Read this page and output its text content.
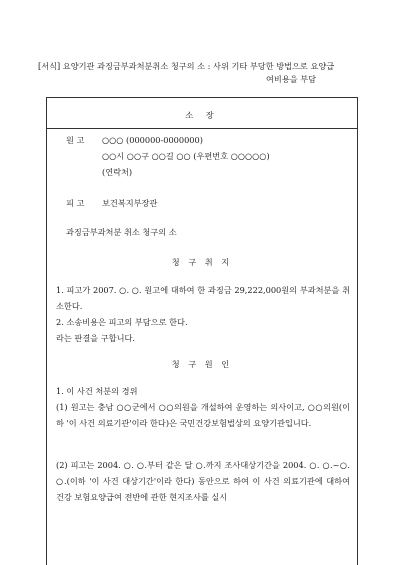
[서식] 요양기관 과징금부과처분취소 청구의 소 : 사위 기타 부당한 방법으로 요양급
여비용을 부담
소 장
원 고 ○○○ (000000-0000000)
○○시 ○○구 ○○길 ○○ (우편번호 ○○○○○)
(연락처)
피 고 보건복지부장관
과징금부과처분 취소 청구의 소
청 구 취 지
1. 피고가 2007. ○. ○. 원고에 대하여 한 과징금 29,222,000원의 부과처분을 취소한다.
2. 소송비용은 피고의 부담으로 한다.
라는 판결을 구합니다.
청 구 원 인
1. 이 사건 처분의 경위
(1) 원고는 충남 ○○군에서 ○○의원을 개설하여 운영하는 의사이고, ○○의원(이하 '이 사건 의료기관'이라 한다)은 국민건강보험법상의 요양기관입니다.
(2) 피고는 2004. ○. ○.부터 같은 달 ○.까지 조사대상기간을 2004. ○. ○.~○. ○.(이하 '이 사건 대상기간'이라 한다) 동안으로 하여 이 사건 의료기관에 대하여 건강 보험요양급여 전반에 관한 현지조사를 실시
